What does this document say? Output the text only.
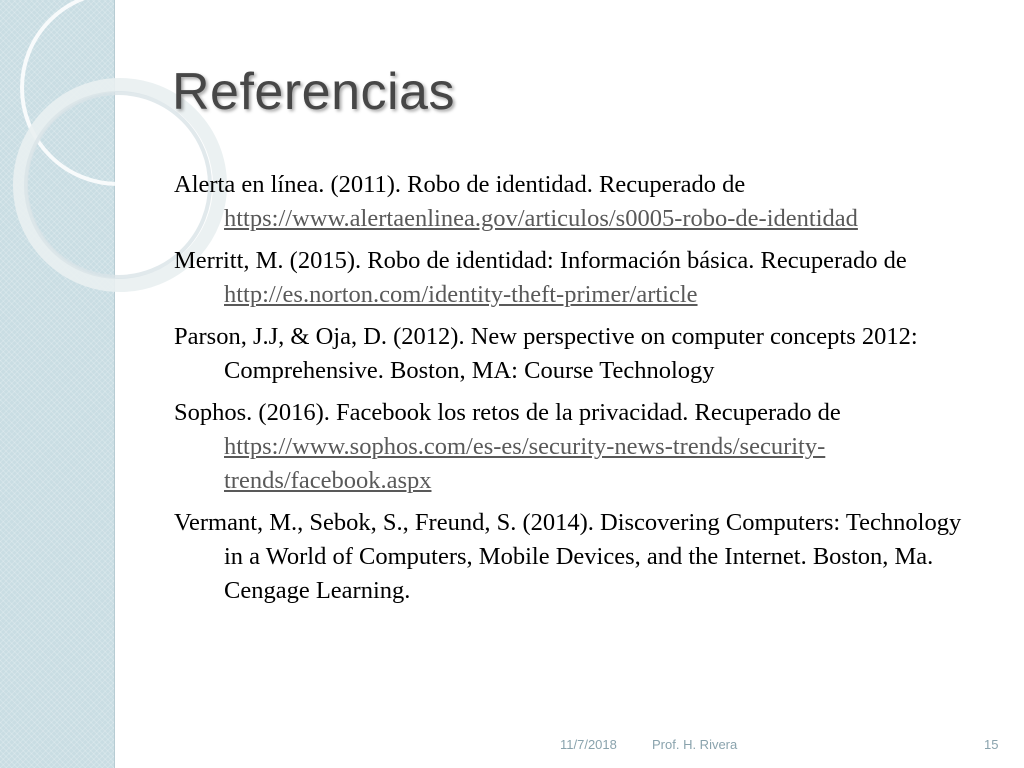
Referencias

Alerta en línea. (2011). Robo de identidad. Recuperado de https://www.alertaenlinea.gov/articulos/s0005-robo-de-identidad

Merritt, M. (2015). Robo de identidad: Información básica. Recuperado de http://es.norton.com/identity-theft-primer/article

Parson, J.J, & Oja, D. (2012). New perspective on computer concepts 2012: Comprehensive. Boston, MA: Course Technology

Sophos. (2016). Facebook los retos de la privacidad. Recuperado de https://www.sophos.com/es-es/security-news-trends/security-trends/facebook.aspx

Vermant, M., Sebok, S., Freund, S. (2014). Discovering Computers: Technology in a World of Computers, Mobile Devices, and the Internet. Boston, Ma. Cengage Learning.

11/7/2018	Prof. H. Rivera	15
